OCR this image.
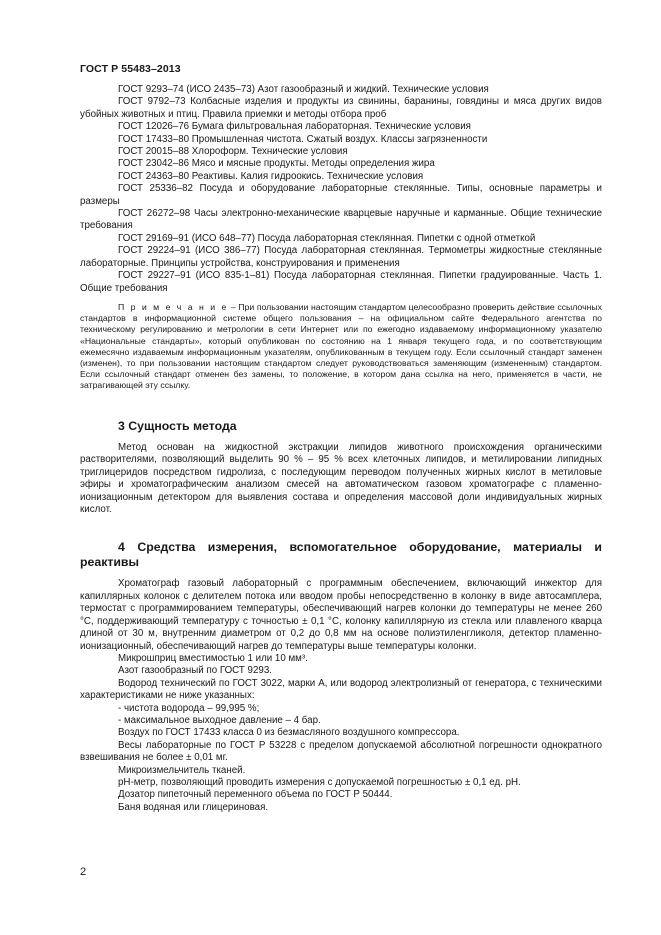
ГОСТ Р 55483–2013

ГОСТ 9293–74 (ИСО 2435–73) Азот газообразный и жидкий. Технические условия

ГОСТ 9792–73 Колбасные изделия и продукты из свинины, баранины, говядины и мяса других видов убойных животных и птиц. Правила приемки и методы отбора проб

ГОСТ 12026–76 Бумага фильтровальная лабораторная. Технические условия

ГОСТ 17433–80 Промышленная чистота. Сжатый воздух. Классы загрязненности

ГОСТ 20015–88 Хлороформ. Технические условия

ГОСТ 23042–86 Мясо и мясные продукты. Методы определения жира

ГОСТ 24363–80 Реактивы. Калия гидроокись. Технические условия

ГОСТ 25336–82 Посуда и оборудование лабораторные стеклянные. Типы, основные параметры и размеры

ГОСТ 26272–98 Часы электронно-механические кварцевые наручные и карманные. Общие технические требования

ГОСТ 29169–91 (ИСО 648–77) Посуда лабораторная стеклянная. Пипетки с одной отметкой

ГОСТ 29224–91 (ИСО 386–77) Посуда лабораторная стеклянная. Термометры жидкостные стеклянные лабораторные. Принципы устройства, конструирования и применения

ГОСТ 29227–91 (ИСО 835-1–81) Посуда лабораторная стеклянная. Пипетки градуированные. Часть 1. Общие требования

П р и м е ч а н и е – При пользовании настоящим стандартом целесообразно проверить действие ссылочных стандартов в информационной системе общего пользования – на официальном сайте Федерального агентства по техническому регулированию и метрологии в сети Интернет или по ежегодно издаваемому информационному указателю «Национальные стандарты», который опубликован по состоянию на 1 января текущего года, и по соответствующим ежемесячно издаваемым информационным указателям, опубликованным в текущем году. Если ссылочный стандарт заменен (изменен), то при пользовании настоящим стандартом следует руководствоваться заменяющим (измененным) стандартом. Если ссылочный стандарт отменен без замены, то положение, в котором дана ссылка на него, применяется в части, не затрагивающей эту ссылку.

3 Сущность метода

Метод основан на жидкостной экстракции липидов животного происхождения органическими растворителями, позволяющий выделить 90 % – 95 % всех клеточных липидов, и метилировании липидных триглицеридов посредством гидролиза, с последующим переводом полученных жирных кислот в метиловые эфиры и хроматографическим анализом смесей на автоматическом газовом хроматографе с пламенно-ионизационным детектором для выявления состава и определения массовой доли индивидуальных жирных кислот.

4 Средства измерения, вспомогательное оборудование, материалы и реактивы

Хроматограф газовый лабораторный с программным обеспечением, включающий инжектор для капиллярных колонок с делителем потока или вводом пробы непосредственно в колонку в виде автосамплера, термостат с программированием температуры, обеспечивающий нагрев колонки до температуры не менее 260 °С, поддерживающий температуру с точностью ± 0,1 °С, колонку капиллярную из стекла или плавленого кварца длиной от 30 м, внутренним диаметром от 0,2 до 0,8 мм на основе полиэтиленгликоля, детектор пламенно-ионизационный, обеспечивающий нагрев до температуры выше температуры колонки.

Микрошприц вместимостью 1 или 10 мм³.

Азот газообразный по ГОСТ 9293.

Водород технический по ГОСТ 3022, марки А, или водород электролизный от генератора, с техническими характеристиками не ниже указанных:

- чистота водорода – 99,995 %;

- максимальное выходное давление – 4 бар.

Воздух по ГОСТ 17433 класса 0 из безмасляного воздушного компрессора.

Весы лабораторные по ГОСТ Р 53228 с пределом допускаемой абсолютной погрешности однократного взвешивания не более ± 0,01 мг.

Микроизмельчитель тканей.

рН-метр, позволяющий проводить измерения с допускаемой погрешностью ± 0,1 ед. рН.

Дозатор пипеточный переменного объема по ГОСТ Р 50444.

Баня водяная или глицериновая.

2
